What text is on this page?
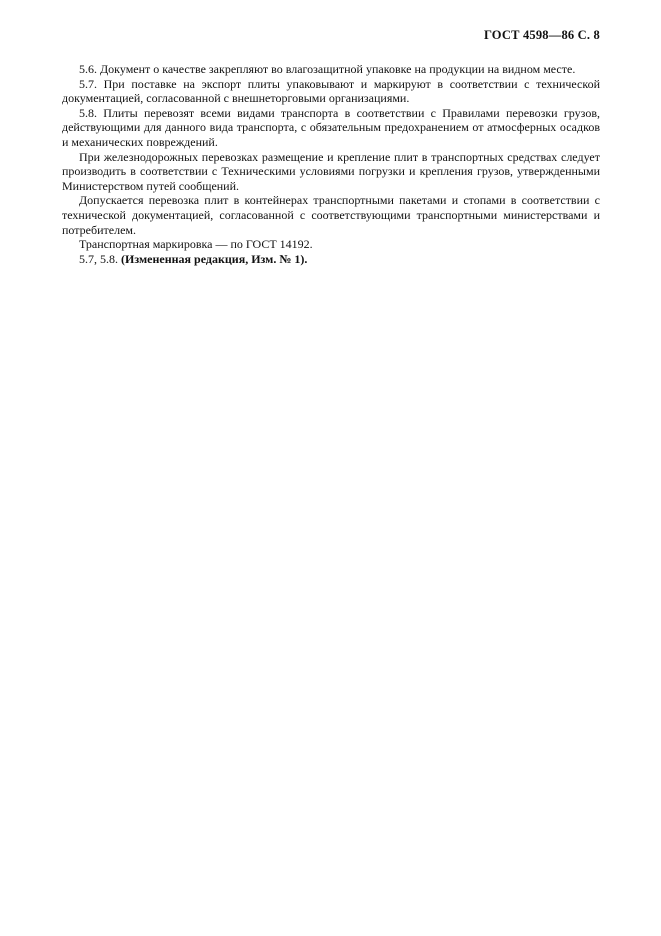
ГОСТ 4598—86 С. 8

5.6. Документ о качестве закрепляют во влагозащитной упаковке на продукции на видном месте.

5.7. При поставке на экспорт плиты упаковывают и маркируют в соответствии с технической документацией, согласованной с внешнеторговыми организациями.

5.8. Плиты перевозят всеми видами транспорта в соответствии с Правилами перевозки грузов, действующими для данного вида транспорта, с обязательным предохранением от атмосферных осадков и механических повреждений.

При железнодорожных перевозках размещение и крепление плит в транспортных средствах следует производить в соответствии с Техническими условиями погрузки и крепления грузов, утвержденными Министерством путей сообщений.

Допускается перевозка плит в контейнерах транспортными пакетами и стопами в соответствии с технической документацией, согласованной с соответствующими транспортными министерствами и потребителем.

Транспортная маркировка — по ГОСТ 14192.

5.7, 5.8. (Измененная редакция, Изм. № 1).
